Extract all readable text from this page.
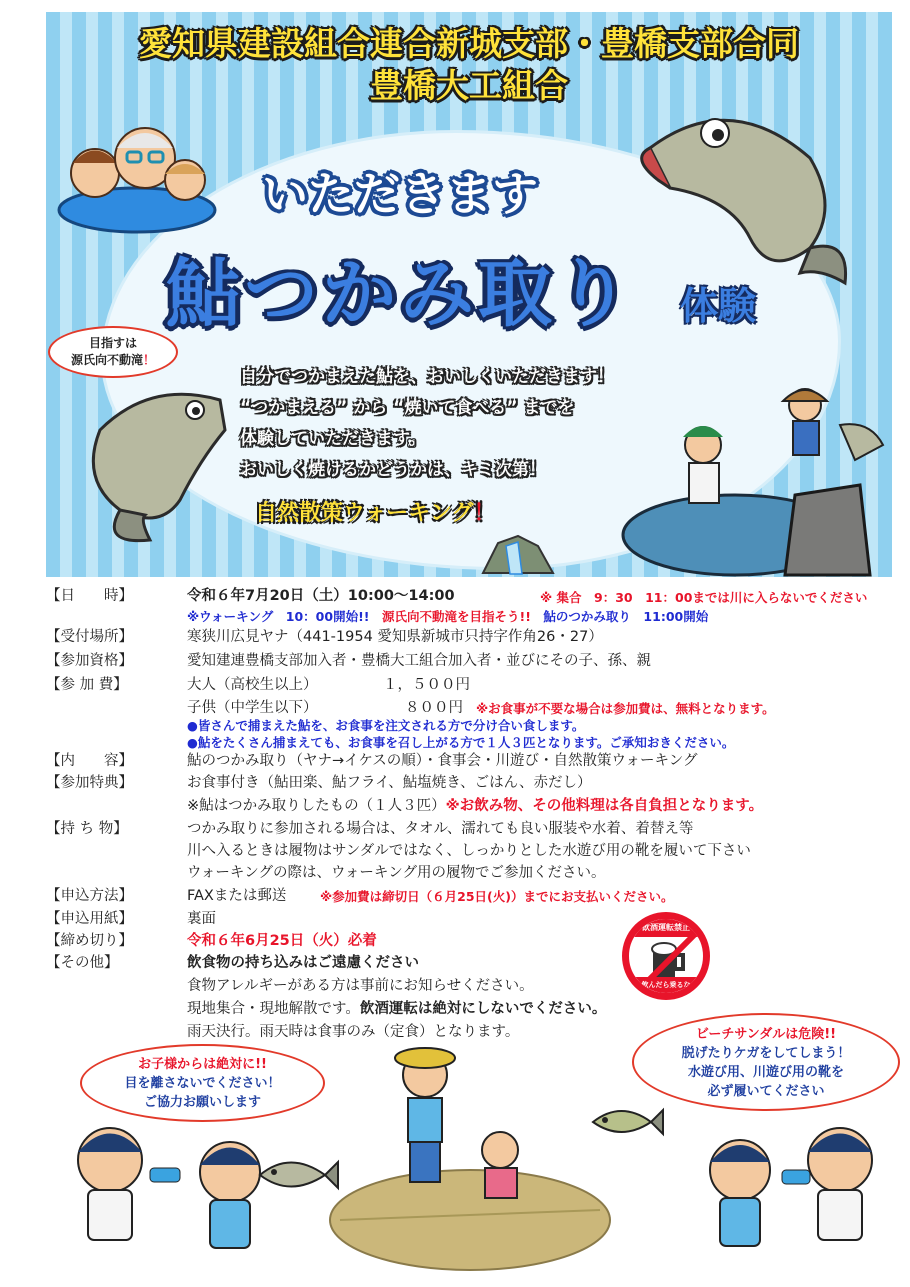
愛知県建設組合連合新城支部・豊橋支部合同
豊橋大工組合
いただきます
鮎つかみ取り	体験
目指すは
源氏向不動滝！
自分でつかまえた鮎を、おいしくいただきます！
“つかまえる” から “焼いて食べる” までを
体験していただきます。
おいしく焼けるかどうかは、キミ次第！
自然散策ウォーキング！
【日　　時】	令和６年7月20日（土）10:00～14:00	※ 集合　9：30　11：00までは川に入らないでください
※ウォーキング　10：00開始!!　 源氏向不動滝を目指そう!!　 鮎のつかみ取り　11:00開始
【受付場所】	寒狭川広見ヤナ（441-1954 愛知県新城市只持字作角26・27）
【参加資格】	愛知建連豊橋支部加入者・豊橋大工組合加入者・並びにその子、孫、親
【参 加 費】	大人（高校生以上）	１，５００円
子供（中学生以下）	８００円 ※お食事が不要な場合は参加費は、無料となります。
●皆さんで捕まえた鮎を、お食事を注文される方で分け合い食します。
●鮎をたくさん捕まえても、お食事を召し上がる方で１人３匹となります。ご承知おきください。
【内　　容】	鮎のつかみ取り（ヤナ→イケスの順）・食事会・川遊び・自然散策ウォーキング
【参加特典】	お食事付き（鮎田楽、鮎フライ、鮎塩焼き、ごはん、赤だし）
※鮎はつかみ取りしたもの（１人３匹）※お飲み物、その他料理は各自負担となります。
【持 ち 物】	つかみ取りに参加される場合は、タオル、濡れても良い服装や水着、着替え等
川へ入るときは履物はサンダルではなく、しっかりとした水遊び用の靴を履いて下さい
ウォーキングの際は、ウォーキング用の履物でご参加ください。
【申込方法】	FAXまたは郵送	※参加費は締切日（６月25日(火)）までにお支払いください。
【申込用紙】	裏面
【締め切り】	令和６年6月25日（火）必着
【その他】	飲食物の持ち込みはご遠慮ください
食物アレルギーがある方は事前にお知らせください。
現地集合・現地解散です。飲酒運転は絶対にしないでください。
雨天決行。雨天時は食事のみ（定食）となります。
飲酒運転禁止
飲んだら乗るな
お子様からは絶対に!!
目を離さないでください！
ご協力お願いします
ビーチサンダルは危険!!
脱げたりケガをしてしまう！
水遊び用、川遊び用の靴を
必ず履いてください
